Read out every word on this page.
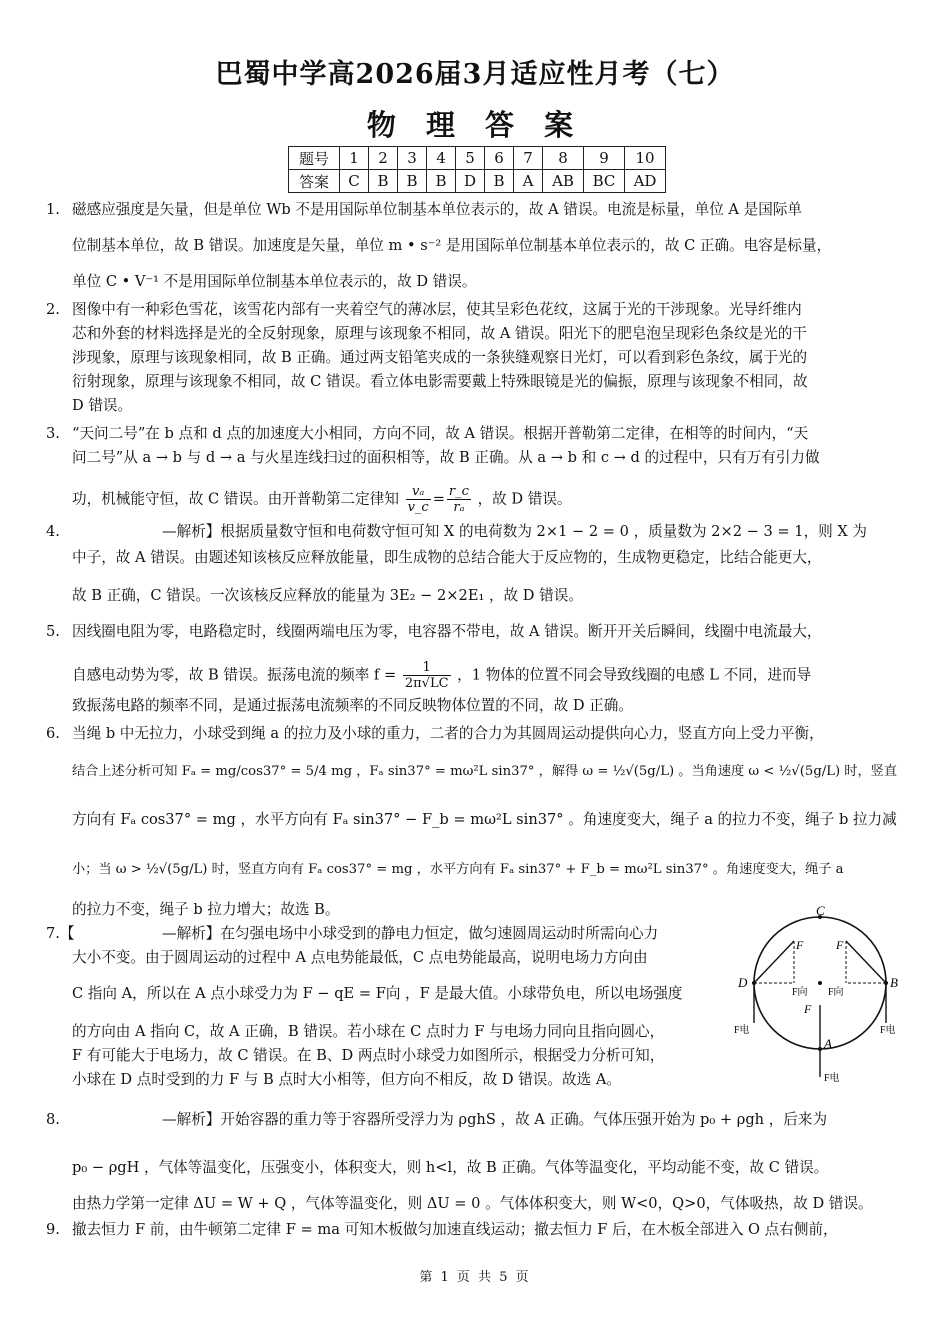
巴蜀中学高2026届3月适应性月考（七）
物 理 答 案
题号	1	2	3	4	5	6	7	8	9	10
答案	C	B	B	B	D	B	A	AB	BC	AD
1. 磁感应强度是矢量，但是单位 Wb 不是用国际单位制基本单位表示的，故 A 错误。电流是标量，单位 A 是国际单
位制基本单位，故 B 错误。加速度是矢量，单位 m • s⁻² 是用国际单位制基本单位表示的，故 C 正确。电容是标量，
单位 C • V⁻¹ 不是用国际单位制基本单位表示的，故 D 错误。
2. 图像中有一种彩色雪花，该雪花内部有一夹着空气的薄冰层，使其呈彩色花纹，这属于光的干涉现象。光导纤维内
芯和外套的材料选择是光的全反射现象，原理与该现象不相同，故 A 错误。阳光下的肥皂泡呈现彩色条纹是光的干
涉现象，原理与该现象相同，故 B 正确。通过两支铅笔夹成的一条狭缝观察日光灯，可以看到彩色条纹，属于光的
衍射现象，原理与该现象不相同，故 C 错误。看立体电影需要戴上特殊眼镜是光的偏振，原理与该现象不相同，故
D 错误。
3. “天问二号”在 b 点和 d 点的加速度大小相同，方向不同，故 A 错误。根据开普勒第二定律，在相等的时间内，“天
问二号”从 a → b 与 d → a 与火星连线扫过的面积相等，故 B 正确。从 a → b 和 c → d 的过程中，只有万有引力做
功，机械能守恒，故 C 错误。由开普勒第二定律知 $\frac{\text{vₐ}}{v\_c} = \frac{r\_c}{\text{rₐ}}$ ，故 D 错误。
4.	—解析】根据质量数守恒和电荷数守恒可知 X 的电荷数为 2×1 − 2 = 0 ，质量数为 2×2 − 3 = 1，则 X 为
中子，故 A 错误。由题述知该核反应释放能量，即生成物的总结合能大于反应物的，生成物更稳定，比结合能更大，
故 B 正确，C 错误。一次该核反应释放的能量为 3E₂ − 2×2E₁ ，故 D 错误。
5. 因线圈电阻为零，电路稳定时，线圈两端电压为零，电容器不带电，故 A 错误。断开开关后瞬间，线圈中电流最大，
自感电动势为零，故 B 错误。振荡电流的频率 $f = \frac{1}{2\pi√LC}$ ，1 物体的位置不同会导致线圈的电感 L 不同，进而导
致振荡电路的频率不同，是通过振荡电流频率的不同反映物体位置的不同，故 D 正确。
6. 当绳 b 中无拉力，小球受到绳 a 的拉力及小球的重力，二者的合力为其圆周运动提供向心力，竖直方向上受力平衡，
结合上述分析可知 Fₐ = mg/cos37° = 5/4 mg ，Fₐ sin37° = mω²L sin37° ，解得 ω = ½√(5g/L) 。当角速度 ω < ½√(5g/L) 时，竖直
方向有 Fₐ cos37° = mg ，水平方向有 Fₐ sin37° − F_b = mω²L sin37° 。角速度变大，绳子 a 的拉力不变，绳子 b 拉力减
小；当 ω > ½√(5g/L) 时，竖直方向有 Fₐ cos37° = mg ，水平方向有 Fₐ sin37° + F_b = mω²L sin37° 。角速度变大，绳子 a
的拉力不变，绳子 b 拉力增大；故选 B。
7.【	—解析】在匀强电场中小球受到的静电力恒定，做匀速圆周运动时所需向心力
大小不变。由于圆周运动的过程中 A 点电势能最低，C 点电势能最高，说明电场力方向由
C 指向 A，所以在 A 点小球受力为 F − qE = F向 ，F 是最大值。小球带负电，所以电场强度
的方向由 A 指向 C，故 A 正确，B 错误。若小球在 C 点时力 F 与电场力同向且指向圆心，
F 有可能大于电场力，故 C 错误。在 B、D 两点时小球受力如图所示，根据受力分析可知，
小球在 D 点时受到的力 F 与 B 点时大小相等，但方向不相反，故 D 错误。故选 A。
C
A
D	B
F	F
F
F向 F向
F电	F电
F电
8.	—解析】开始容器的重力等于容器所受浮力为 ρghS ，故 A 正确。气体压强开始为 p₀ + ρgh ，后来为
p₀ − ρgH ，气体等温变化，压强变小，体积变大，则 h<l，故 B 正确。气体等温变化，平均动能不变，故 C 错误。
由热力学第一定律 ΔU = W + Q ，气体等温变化，则 ΔU = 0 。气体体积变大，则 W<0，Q>0，气体吸热，故 D 错误。
9. 撤去恒力 F 前，由牛顿第二定律 F = ma 可知木板做匀加速直线运动；撤去恒力 F 后，在木板全部进入 O 点右侧前，
第 1 页 共 5 页
